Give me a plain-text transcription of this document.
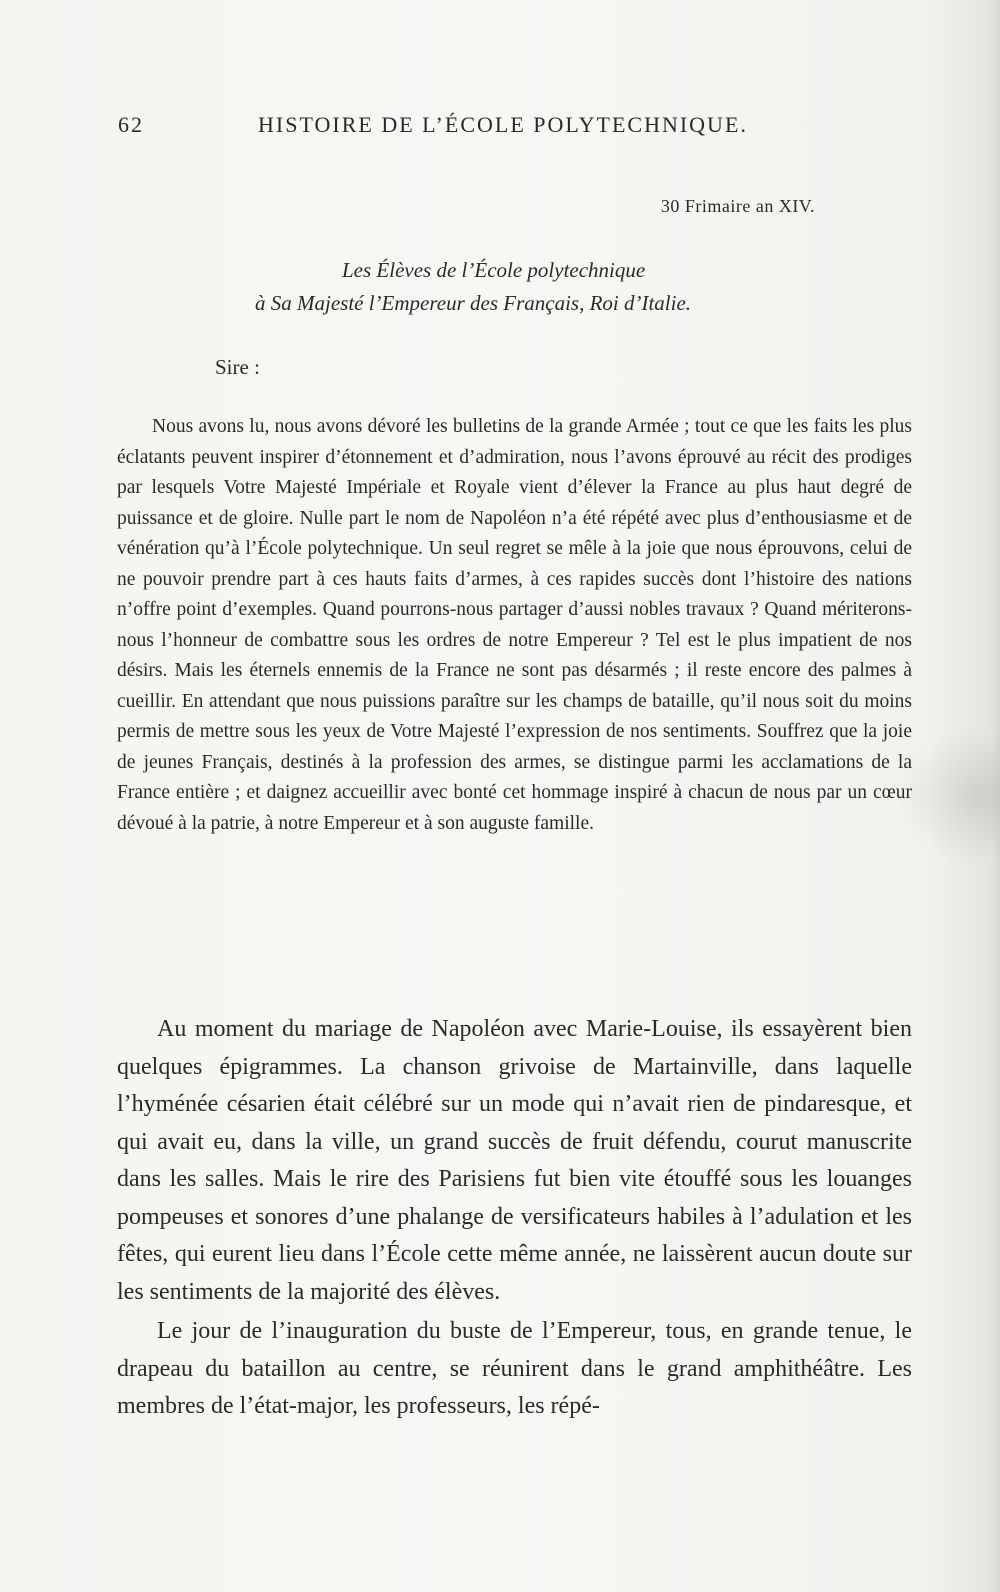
62	HISTOIRE DE L’ÉCOLE POLYTECHNIQUE.
30 Frimaire an XIV.
Les Élèves de l’École polytechnique
à Sa Majesté l’Empereur des Français, Roi d’Italie.
Sire :

Nous avons lu, nous avons dévoré les bulletins de la grande Armée ; tout ce que les faits les plus éclatants peuvent inspirer d’étonnement et d’admiration, nous l’avons éprouvé au récit des prodiges par lesquels Votre Majesté Impériale et Royale vient d’élever la France au plus haut degré de puissance et de gloire. Nulle part le nom de Napoléon n’a été répété avec plus d’enthousiasme et de vénération qu’à l’École polytechnique. Un seul regret se mêle à la joie que nous éprouvons, celui de ne pouvoir prendre part à ces hauts faits d’armes, à ces rapides succès dont l’histoire des nations n’offre point d’exemples. Quand pourrons-nous partager d’aussi nobles travaux ? Quand mériterons-nous l’honneur de combattre sous les ordres de notre Empereur ? Tel est le plus impatient de nos désirs. Mais les éternels ennemis de la France ne sont pas désarmés ; il reste encore des palmes à cueillir. En attendant que nous puissions paraître sur les champs de bataille, qu’il nous soit du moins permis de mettre sous les yeux de Votre Majesté l’expression de nos sentiments. Souffrez que la joie de jeunes Français, destinés à la profession des armes, se distingue parmi les acclamations de la France entière ; et daignez accueillir avec bonté cet hommage inspiré à chacun de nous par un cœur dévoué à la patrie, à notre Empereur et à son auguste famille.

Au moment du mariage de Napoléon avec Marie-Louise, ils essayèrent bien quelques épigrammes. La chanson grivoise de Martainville, dans laquelle l’hyménée césarien était célébré sur un mode qui n’avait rien de pindaresque, et qui avait eu, dans la ville, un grand succès de fruit défendu, courut manuscrite dans les salles. Mais le rire des Parisiens fut bien vite étouffé sous les louanges pompeuses et sonores d’une phalange de versificateurs habiles à l’adulation et les fêtes, qui eurent lieu dans l’École cette même année, ne laissèrent aucun doute sur les sentiments de la majorité des élèves.

Le jour de l’inauguration du buste de l’Empereur, tous, en grande tenue, le drapeau du bataillon au centre, se réunirent dans le grand amphithéâtre. Les membres de l’état-major, les professeurs, les répé-
